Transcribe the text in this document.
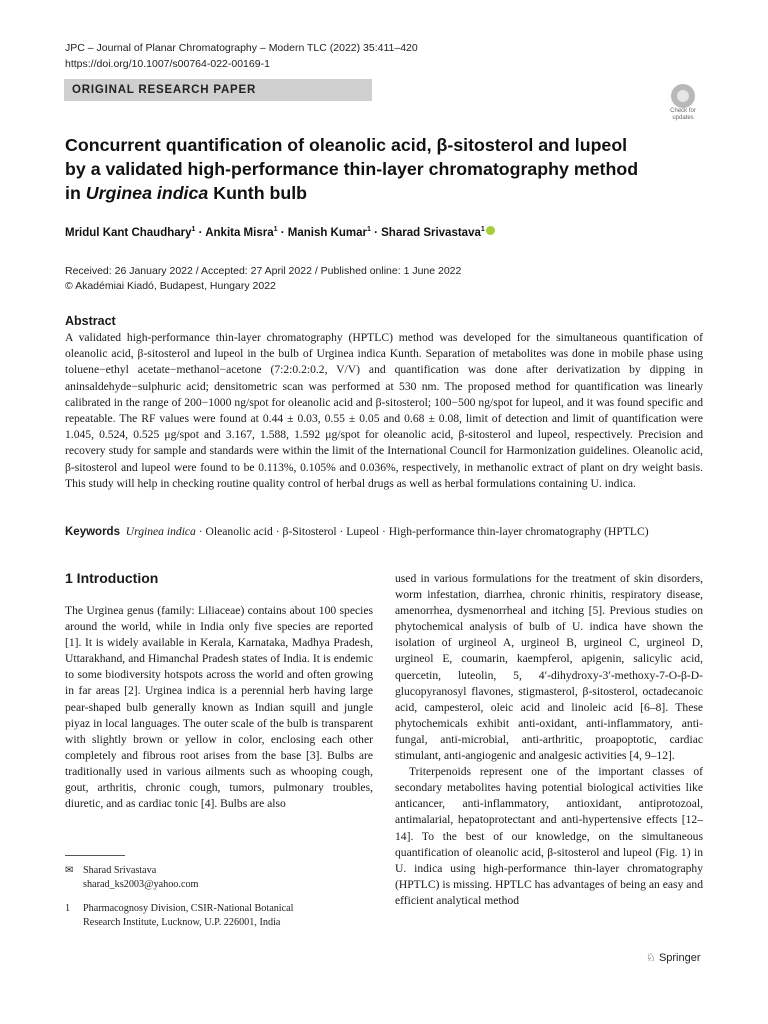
JPC – Journal of Planar Chromatography – Modern TLC (2022) 35:411–420
https://doi.org/10.1007/s00764-022-00169-1
ORIGINAL RESEARCH PAPER
Check for
updates
Concurrent quantification of oleanolic acid, β-sitosterol and lupeol
by a validated high-performance thin-layer chromatography method
in Urginea indica Kunth bulb
Mridul Kant Chaudhary$^1$ · Ankita Misra$^1$ · Manish Kumar$^1$ · Sharad Srivastava$^1$
Received: 26 January 2022 / Accepted: 27 April 2022 / Published online: 1 June 2022
© Akadémiai Kiadó, Budapest, Hungary 2022
Abstract
A validated high-performance thin-layer chromatography (HPTLC) method was developed for the simultaneous quantification of oleanolic acid, β-sitosterol and lupeol in the bulb of Urginea indica Kunth. Separation of metabolites was done in mobile phase using toluene−ethyl acetate−methanol−acetone (7:2:0.2:0.2, V/V) and quantification was done after derivatization by dipping in aninsaldehyde−sulphuric acid; densitometric scan was performed at 530 nm. The proposed method for quantification was linearly calibrated in the range of 200−1000 ng/spot for oleanolic acid and β-sitosterol; 100−500 ng/spot for lupeol, and it was found specific and repeatable. The RF values were found at 0.44 ± 0.03, 0.55 ± 0.05 and 0.68 ± 0.08, limit of detection and limit of quantification were 1.045, 0.524, 0.525 μg/spot and 3.167, 1.588, 1.592 μg/spot for oleanolic acid, β-sitosterol and lupeol, respectively. Precision and recovery study for sample and standards were within the limit of the International Council for Harmonization guidelines. Oleanolic acid, β-sitosterol and lupeol were found to be 0.113%, 0.105% and 0.036%, respectively, in methanolic extract of plant on dry weight basis. This study will help in checking routine quality control of herbal drugs as well as herbal formulations containing U. indica.
Keywords Urginea indica · Oleanolic acid · β-Sitosterol · Lupeol · High-performance thin-layer chromatography (HPTLC)
1 Introduction

The Urginea genus (family: Liliaceae) contains about 100 species around the world, while in India only five species are reported [1]. It is widely available in Kerala, Karnataka, Madhya Pradesh, Uttarakhand, and Himanchal Pradesh states of India. It is endemic to some biodiversity hotspots across the world and often growing in far areas [2]. Urginea indica is a perennial herb having large pear-shaped bulb generally known as Indian squill and jungle piyaz in local languages. The outer scale of the bulb is transparent with slightly brown or yellow in color, enclosing each other completely and fibrous root arises from the base [3]. Bulbs are traditionally used in various ailments such as whooping cough, gout, arthritis, chronic cough, tumors, pulmonary troubles, diuretic, and as cardiac tonic [4]. Bulbs are also

used in various formulations for the treatment of skin disorders, worm infestation, diarrhea, chronic rhinitis, respiratory disease, amenorrhea, dysmenorrheal and itching [5]. Previous studies on phytochemical analysis of bulb of U. indica have shown the isolation of urgineol A, urgineol B, urgineol C, urgineol D, urgineol E, coumarin, kaempferol, apigenin, salicylic acid, quercetin, luteolin, 5, 4′-dihydroxy-3′-methoxy-7-O-β-D-glucopyranosyl flavones, stigmasterol, β-sitosterol, octadecanoic acid, campesterol, oleic acid and linoleic acid [6–8]. These phytochemicals exhibit anti-oxidant, anti-inflammatory, anti-fungal, anti-microbial, anti-arthritic, proapoptotic, cardiac stimulant, anti-angiogenic and analgesic activities [4, 9–12].

Triterpenoids represent one of the important classes of secondary metabolites having potential biological activities like anticancer, anti-inflammatory, antioxidant, antiprotozoal, antimalarial, hepatoprotectant and anti-hypertensive effects [12–14]. To the best of our knowledge, on the simultaneous quantification of oleanolic acid, β-sitosterol and lupeol (Fig. 1) in U. indica using high-performance thin-layer chromatography (HPTLC) is missing. HPTLC has advantages of being an easy and efficient analytical method

✉ Sharad Srivastava
sharad_ks2003@yahoo.com
1 Pharmacognosy Division, CSIR-National Botanical
Research Institute, Lucknow, U.P. 226001, India
♘ Springer
